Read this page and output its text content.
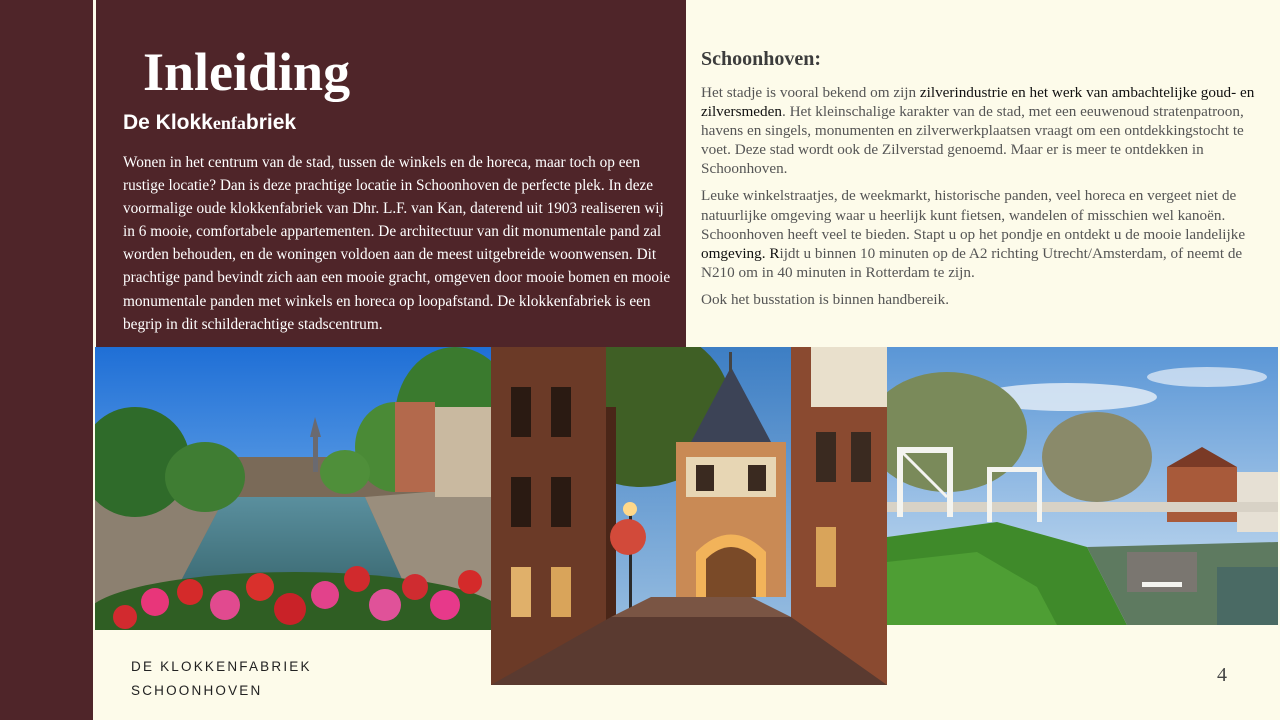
Inleiding
De Klokkenfabriek

Wonen in het centrum van de stad, tussen de winkels en de horeca, maar toch op een rustige locatie? Dan is deze prachtige locatie in Schoonhoven de perfecte plek. In deze voormalige oude klokkenfabriek van Dhr. L.F. van Kan, daterend uit 1903 realiseren wij in 6 mooie, comfortabele appartementen. De architectuur van dit monumentale pand zal worden behouden, en de woningen voldoen aan de meest uitgebreide woonwensen. Dit prachtige pand bevindt zich aan een mooie gracht, omgeven door mooie bomen en mooie monumentale panden met winkels en horeca op loopafstand. De klokkenfabriek is een begrip in dit schilderachtige stadscentrum.

Schoonhoven:

Het stadje is vooral bekend om zijn zilverindustrie en het werk van ambachtelijke goud- en zilversmeden. Het kleinschalige karakter van de stad, met een eeuwenoud stratenpatroon, havens en singels, monumenten en zilverwerkplaatsen vraagt om een ontdekkingstocht te voet. Deze stad wordt ook de Zilverstad genoemd. Maar er is meer te ontdekken in Schoonhoven.

Leuke winkelstraatjes, de weekmarkt, historische panden, veel horeca en vergeet niet de natuurlijke omgeving waar u heerlijk kunt fietsen, wandelen of misschien wel kanoën. Schoonhoven heeft veel te bieden. Stapt u op het pondje en ontdekt u de mooie landelijke omgeving. Rijdt u binnen 10 minuten op de A2 richting Utrecht/Amsterdam, of neemt de N210 om in 40 minuten in Rotterdam te zijn.

Ook het busstation is binnen handbereik.

DE KLOKKENFABRIEK
SCHOONHOVEN
4
